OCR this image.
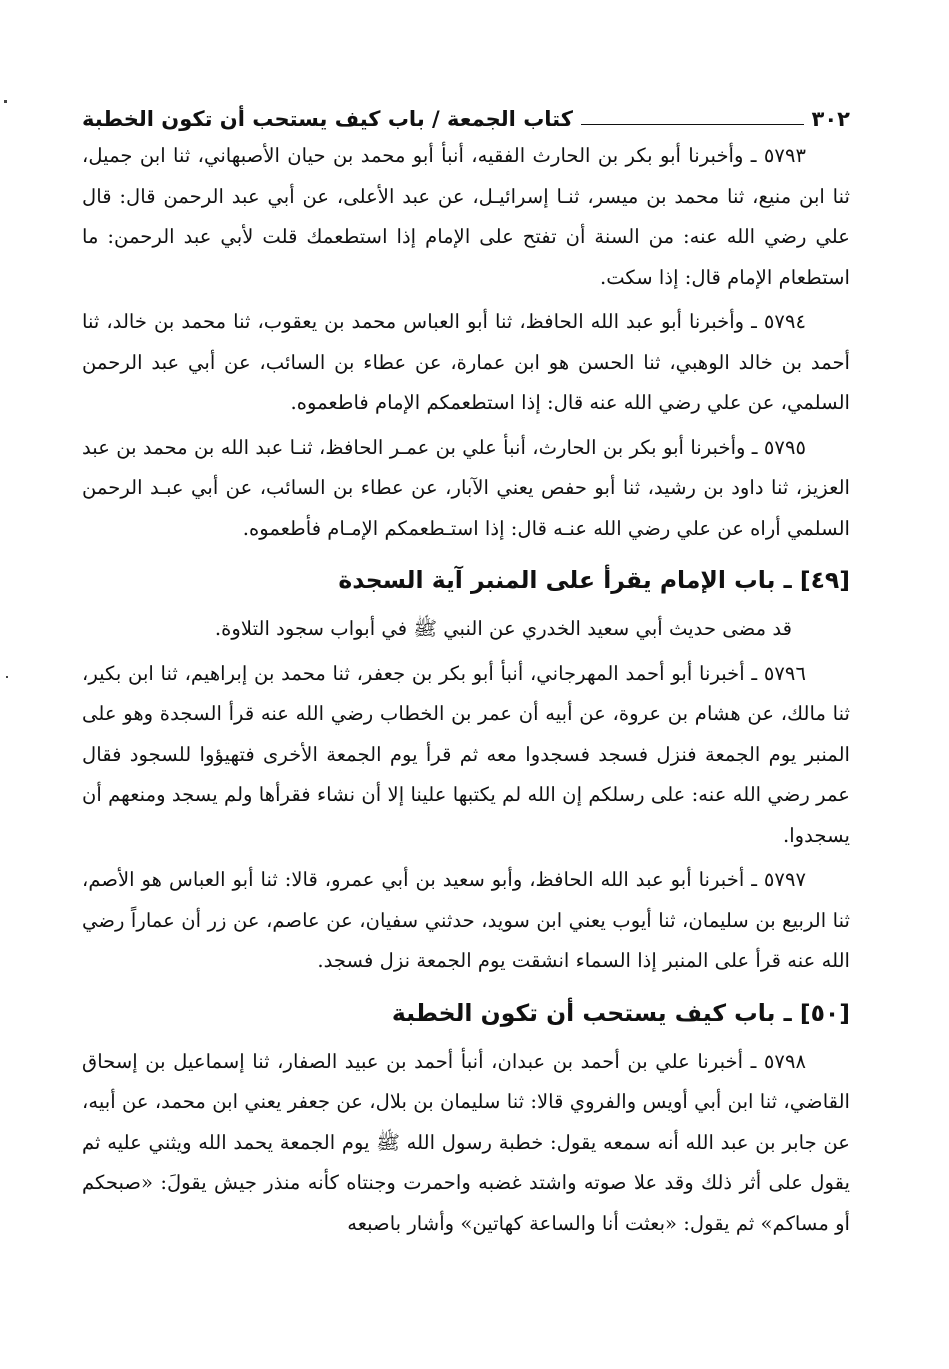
٣٠٢
كتاب الجمعة / باب كيف يستحب أن تكون الخطبة

٥٧٩٣ ـ وأخبرنا أبو بكر بن الحارث الفقيه، أنبأ أبو محمد بن حيان الأصبهاني، ثنا ابن جميل، ثنا ابن منيع، ثنا محمد بن ميسر، ثنـا إسرائيـل، عن عبد الأعلى، عن أبي عبد الرحمن قال: قال علي رضي الله عنه: من السنة أن تفتح على الإمام إذا استطعمك قلت لأبي عبد الرحمن: ما استطعام الإمام قال: إذا سكت.

٥٧٩٤ ـ وأخبرنا أبو عبد الله الحافظ، ثنا أبو العباس محمد بن يعقوب، ثنا محمد بن خالد، ثنا أحمد بن خالد الوهبي، ثنا الحسن هو ابن عمارة، عن عطاء بن السائب، عن أبي عبد الرحمن السلمي، عن علي رضي الله عنه قال: إذا استطعمكم الإمام فاطعموه.

٥٧٩٥ ـ وأخبرنا أبو بكر بن الحارث، أنبأ علي بن عمـر الحافظ، ثنـا عبد الله بن محمد بن عبد العزيز، ثنا داود بن رشيد، ثنا أبو حفص يعني الآبار، عن عطاء بن السائب، عن أبي عبـد الرحمن السلمي أراه عن علي رضي الله عنـه قال: إذا استـطعمكم الإمـام فأطعموه.

[٤٩] ـ باب الإمام يقرأ على المنبر آية السجدة

قد مضى حديث أبي سعيد الخدري عن النبي ﷺ في أبواب سجود التلاوة.

٥٧٩٦ ـ أخبرنا أبو أحمد المهرجاني، أنبأ أبو بكر بن جعفر، ثنا محمد بن إبراهيم، ثنا ابن بكير، ثنا مالك، عن هشام بن عروة، عن أبيه أن عمر بن الخطاب رضي الله عنه قرأ السجدة وهو على المنبر يوم الجمعة فنزل فسجد فسجدوا معه ثم قرأ يوم الجمعة الأخرى فتهيؤوا للسجود فقال عمر رضي الله عنه: على رسلكم إن الله لم يكتبها علينا إلا أن نشاء فقرأها ولم يسجد ومنعهم أن يسجدوا.

٥٧٩٧ ـ أخبرنا أبو عبد الله الحافظ، وأبو سعيد بن أبي عمرو، قالا: ثنا أبو العباس هو الأصم، ثنا الربيع بن سليمان، ثنا أيوب يعني ابن سويد، حدثني سفيان، عن عاصم، عن زر أن عماراً رضي الله عنه قرأ على المنبر إذا السماء انشقت يوم الجمعة نزل فسجد.

[٥٠] ـ باب كيف يستحب أن تكون الخطبة

٥٧٩٨ ـ أخبرنا علي بن أحمد بن عبدان، أنبأ أحمد بن عبيد الصفار، ثنا إسماعيل بن إسحاق القاضي، ثنا ابن أبي أويس والفروي قالا: ثنا سليمان بن بلال، عن جعفر يعني ابن محمد، عن أبيه، عن جابر بن عبد الله أنه سمعه يقول: خطبة رسول الله ﷺ يوم الجمعة يحمد الله ويثني عليه ثم يقول على أثر ذلك وقد علا صوته واشتد غضبه واحمرت وجنتاه كأنه منذر جيش يقولَ: «صبحكم أو مساكم» ثم يقول: «بعثت أنا والساعة كهاتين» وأشار باصبعه
